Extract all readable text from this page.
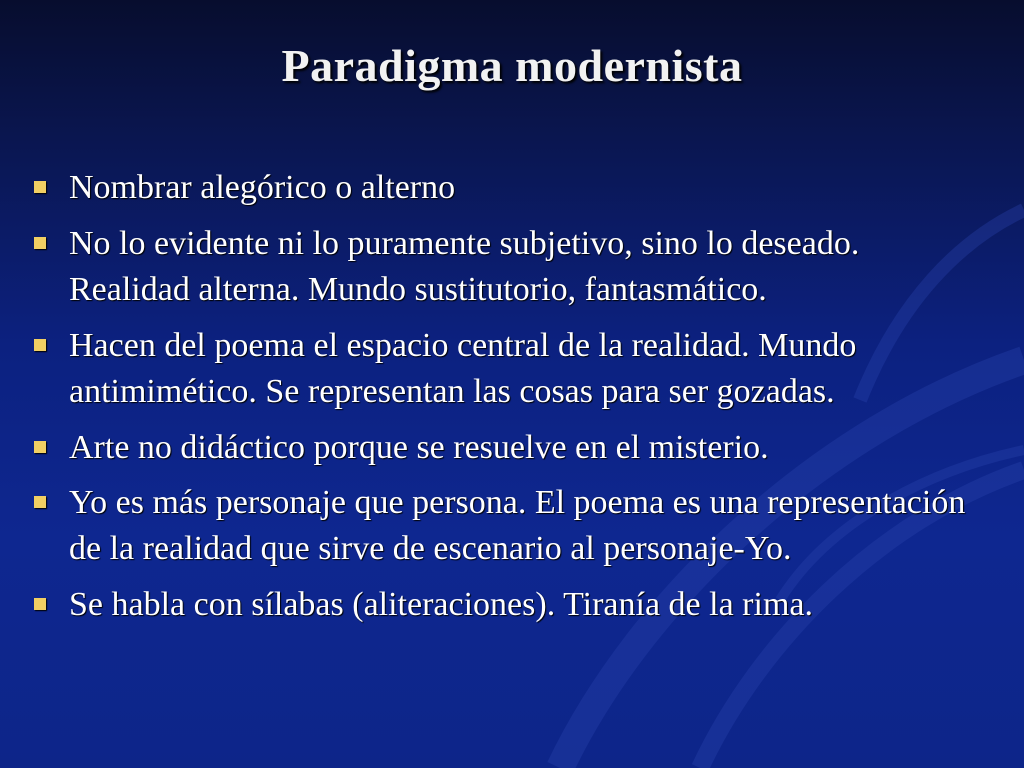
Paradigma modernista
Nombrar alegórico o alterno
No lo evidente ni lo puramente subjetivo, sino lo deseado. Realidad alterna. Mundo sustitutorio, fantasmático.
Hacen del poema el espacio central de la realidad. Mundo antimimético. Se representan las cosas para ser gozadas.
Arte no didáctico porque se resuelve en el misterio.
Yo es más personaje que persona. El poema es una representación de la realidad que sirve de escenario al personaje-Yo.
Se habla con sílabas (aliteraciones). Tiranía de la rima.
